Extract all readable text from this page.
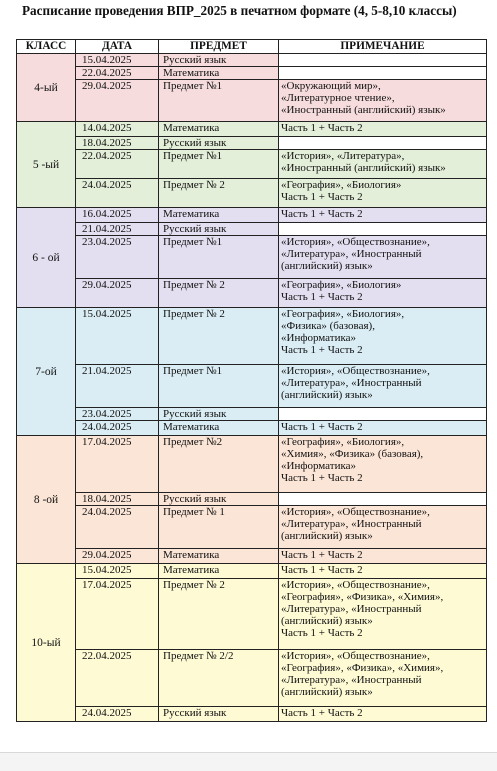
Расписание проведения ВПР_2025 в печатном формате (4, 5-8,10 классы)
КЛАСС	ДАТА	ПРЕДМЕТ	ПРИМЕЧАНИЕ
4-ый	15.04.2025	Русский язык	
	22.04.2025	Математика	
	29.04.2025	Предмет №1	«Окружающий мир»,
«Литературное чтение»,
«Иностранный (английский) язык»

5 -ый	14.04.2025	Математика	Часть 1 + Часть 2

	18.04.2025	Русский язык	
	22.04.2025	Предмет №1	«История», «Литература»,
«Иностранный (английский) язык»

	24.04.2025	Предмет № 2	«География», «Биология»
Часть 1 + Часть 2

6 - ой	16.04.2025	Математика	Часть 1 + Часть 2

	21.04.2025	Русский язык	
	23.04.2025	Предмет №1	«История», «Обществознание»,
«Литература», «Иностранный
(английский) язык»

	29.04.2025	Предмет № 2	«География», «Биология»
Часть 1 + Часть 2

7-ой	15.04.2025	Предмет № 2	«География», «Биология»,
«Физика» (базовая),
«Информатика»
Часть 1 + Часть 2

	21.04.2025	Предмет №1	«История», «Обществознание»,
«Литература», «Иностранный
(английский) язык»

	23.04.2025	Русский язык	
	24.04.2025	Математика	Часть 1 + Часть 2

8 -ой	17.04.2025	Предмет №2	«География», «Биология»,
«Химия», «Физика» (базовая),
«Информатика»
Часть 1 + Часть 2

	18.04.2025	Русский язык	
	24.04.2025	Предмет № 1	«История», «Обществознание»,
«Литература», «Иностранный
(английский) язык»

	29.04.2025	Математика	Часть 1 + Часть 2

10-ый	15.04.2025	Математика	Часть 1 + Часть 2

	17.04.2025	Предмет № 2	«История», «Обществознание»,
«География», «Физика», «Химия»,
«Литература», «Иностранный
(английский) язык»
Часть 1 + Часть 2

	22.04.2025	Предмет № 2/2	«История», «Обществознание»,
«География», «Физика», «Химия»,
«Литература», «Иностранный
(английский) язык»

	24.04.2025	Русский язык	Часть 1 + Часть 2
